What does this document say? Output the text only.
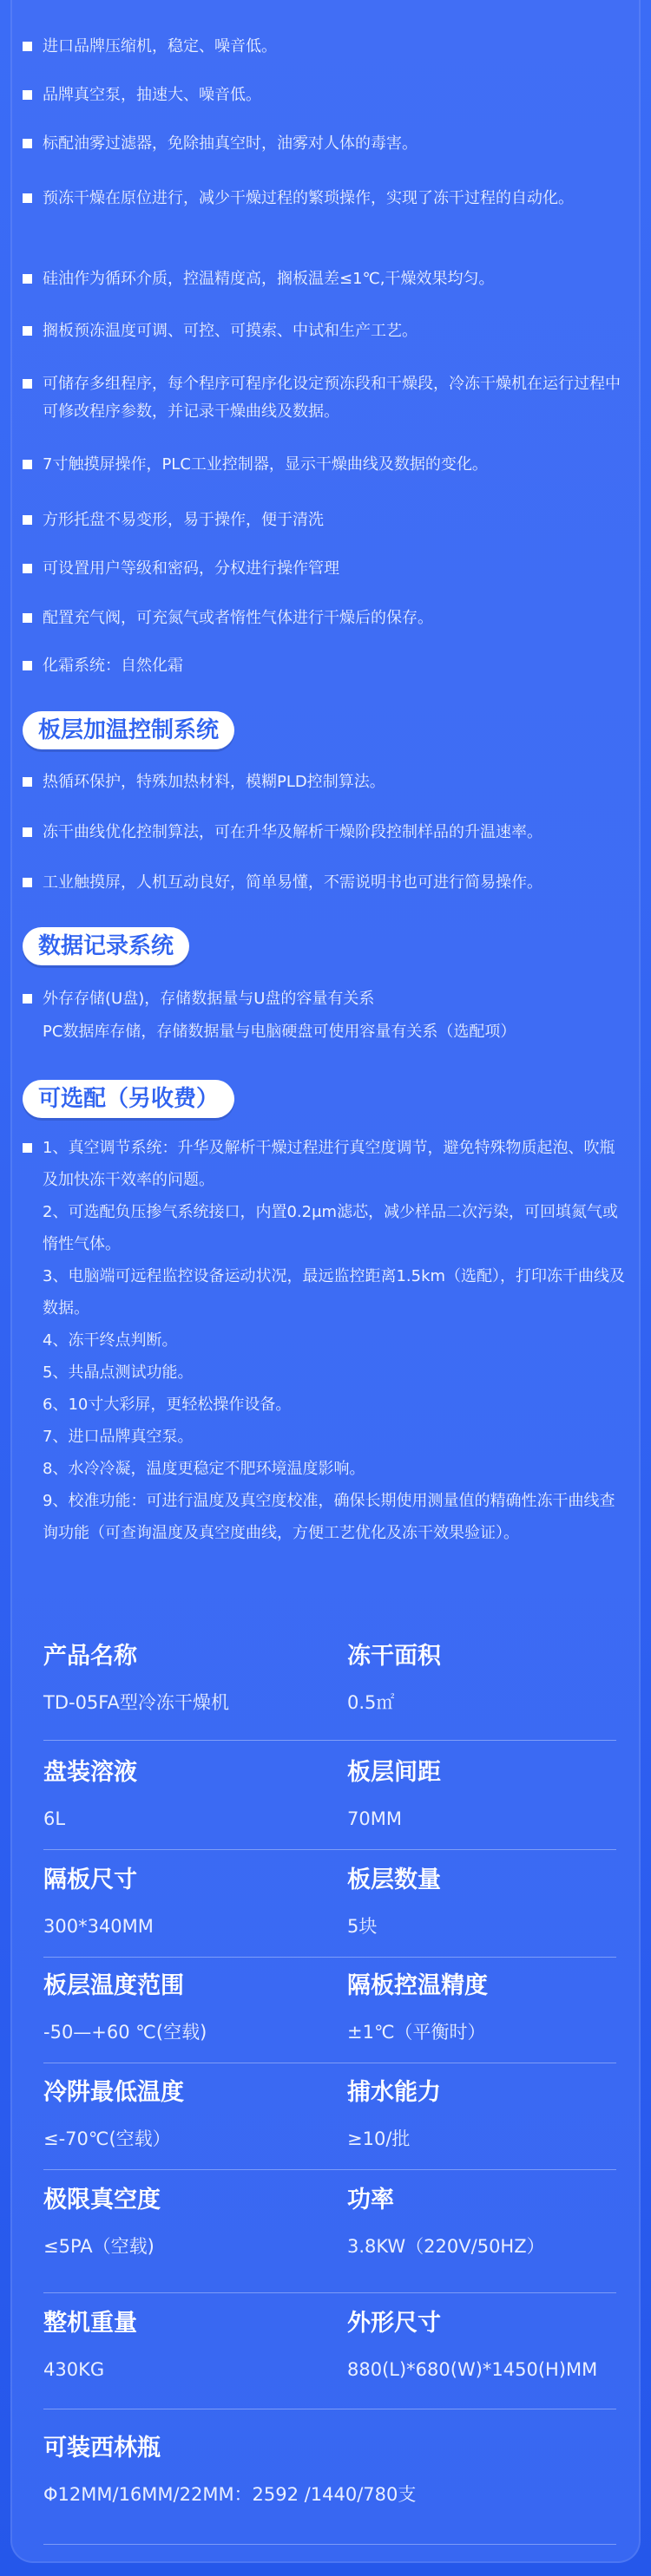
进口品牌压缩机，稳定、噪音低。
品牌真空泵，抽速大、噪音低。
标配油雾过滤器，免除抽真空时，油雾对人体的毒害。
预冻干燥在原位进行，减少干燥过程的繁琐操作，实现了冻干过程的自动化。
硅油作为循环介质，控温精度高，搁板温差≤1℃,干燥效果均匀。
搁板预冻温度可调、可控、可摸索、中试和生产工艺。
可储存多组程序，每个程序可程序化设定预冻段和干燥段，冷冻干燥机在运行过程中可修改程序参数，并记录干燥曲线及数据。
7寸触摸屏操作，PLC工业控制器，显示干燥曲线及数据的变化。
方形托盘不易变形，易于操作，便于清洗
可设置用户等级和密码，分权进行操作管理
配置充气阀，可充氮气或者惰性气体进行干燥后的保存。
化霜系统：自然化霜
板层加温控制系统
热循环保护，特殊加热材料，模糊PLD控制算法。
冻干曲线优化控制算法，可在升华及解析干燥阶段控制样品的升温速率。
工业触摸屏，人机互动良好，简单易懂，不需说明书也可进行简易操作。
数据记录系统
外存存储(U盘)，存储数据量与U盘的容量有关系
PC数据库存储，存储数据量与电脑硬盘可使用容量有关系（选配项）
可选配（另收费）
1、真空调节系统：升华及解析干燥过程进行真空度调节，避免特殊物质起泡、吹瓶及加快冻干效率的问题。
2、可选配负压掺气系统接口，内置0.2μm滤芯，减少样品二次污染，可回填氮气或惰性气体。
3、电脑端可远程监控设备运动状况，最远监控距离1.5km（选配），打印冻干曲线及数据。
4、冻干终点判断。
5、共晶点测试功能。
6、10寸大彩屏，更轻松操作设备。
7、进口品牌真空泵。
8、水冷冷凝，温度更稳定不肥环境温度影响。
9、校准功能：可进行温度及真空度校准，确保长期使用测量值的精确性冻干曲线查询功能（可查询温度及真空度曲线，方便工艺优化及冻干效果验证）。
产品名称
TD-05FA型冷冻干燥机
冻干面积
0.5㎡
盘装溶液
6L
板层间距
70MM
隔板尺寸
300*340MM
板层数量
5块
板层温度范围
-50—+60 ℃(空载)
隔板控温精度
±1℃（平衡时）
冷阱最低温度
≤-70℃(空载）
捕水能力
≥10/批
极限真空度
≤5PA（空载)
功率
3.8KW（220V/50HZ）
整机重量
430KG
外形尺寸
880(L)*680(W)*1450(H)MM
可装西林瓶
Φ12MM/16MM/22MM：2592 /1440/780支
